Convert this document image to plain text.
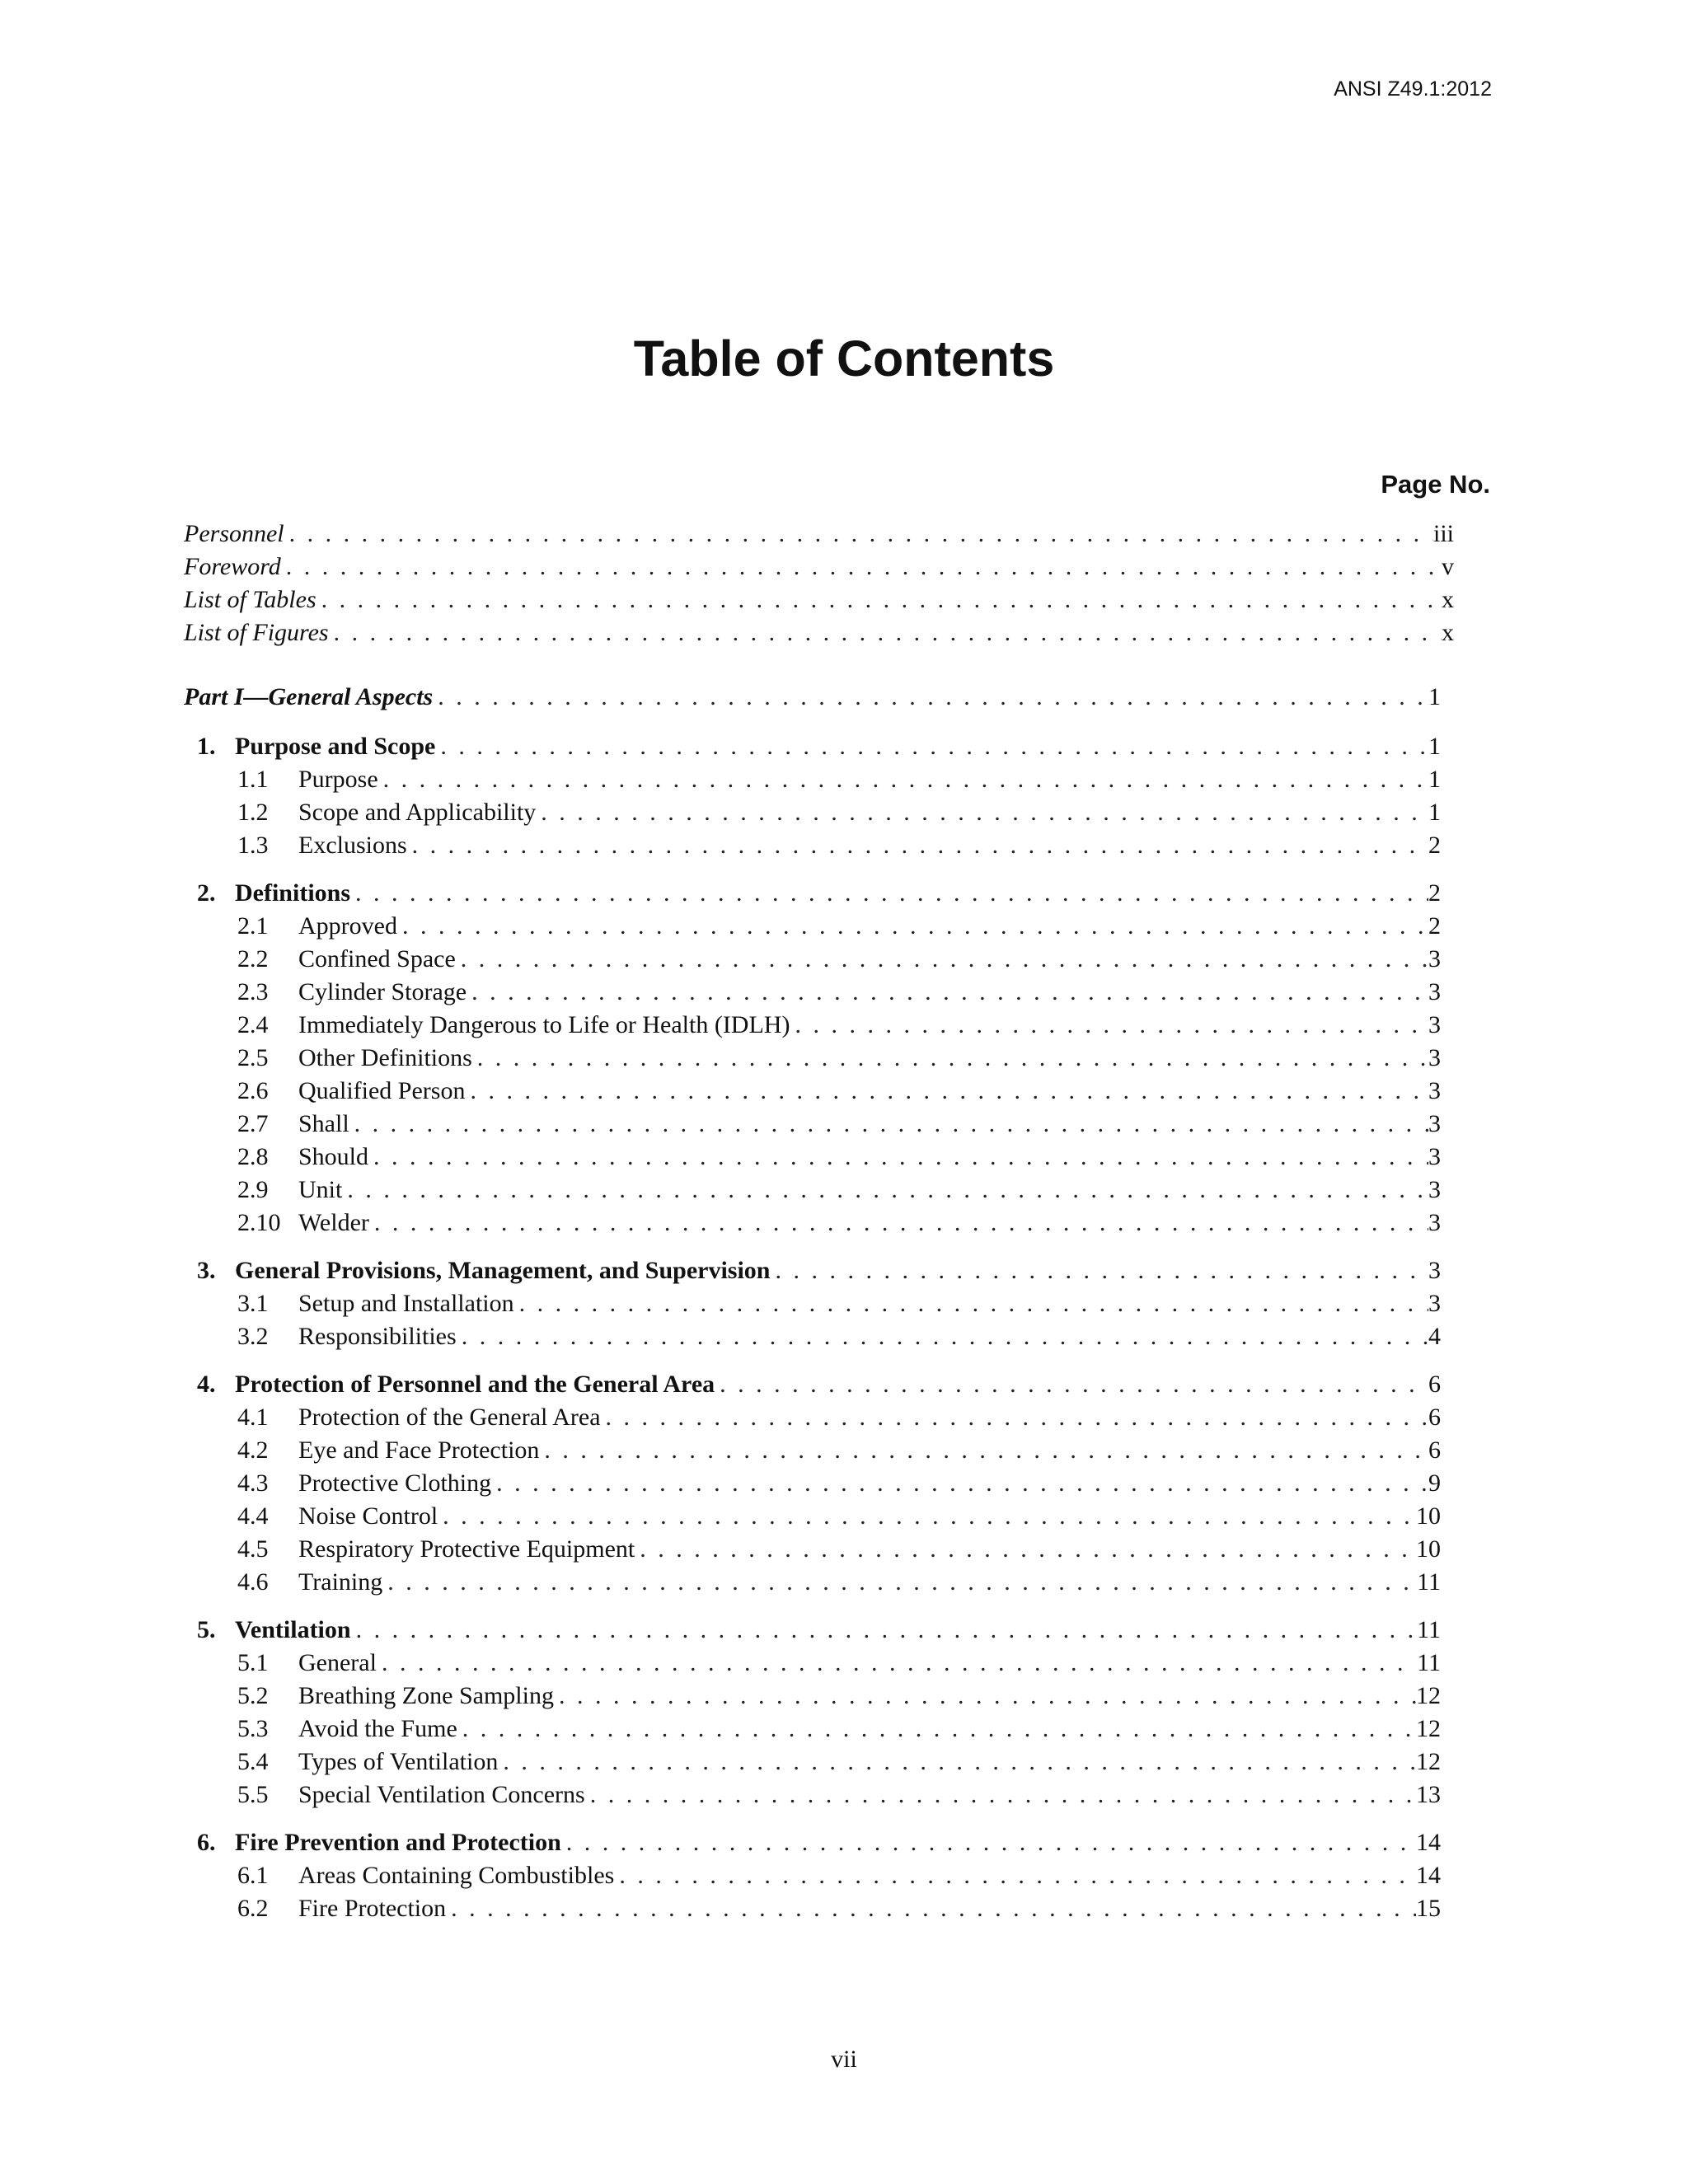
ANSI Z49.1:2012
Table of Contents
Page No.
Personnel . . .	iii
Foreword . . .	v
List of Tables . . .	x
List of Figures . . .	x
Part I—General Aspects . . .	1
1. Purpose and Scope . . .	1
1.1	Purpose . . .	1
1.2	Scope and Applicability . . .	1
1.3	Exclusions . . .	2
2. Definitions . . .	2
2.1	Approved . . .	2
2.2	Confined Space . . .	3
2.3	Cylinder Storage . . .	3
2.4	Immediately Dangerous to Life or Health (IDLH) . . .	3
2.5	Other Definitions . . .	3
2.6	Qualified Person . . .	3
2.7	Shall . . .	3
2.8	Should . . .	3
2.9	Unit . . .	3
2.10 Welder . . .	3
3. General Provisions, Management, and Supervision . . .	3
3.1	Setup and Installation . . .	3
3.2	Responsibilities . . .	4
4. Protection of Personnel and the General Area . . .	6
4.1	Protection of the General Area . . .	6
4.2	Eye and Face Protection . . .	6
4.3	Protective Clothing . . .	9
4.4	Noise Control . . .	10
4.5	Respiratory Protective Equipment . . .	10
4.6	Training . . .	11
5. Ventilation . . .	11
5.1	General . . .	11
5.2	Breathing Zone Sampling . . .	12
5.3	Avoid the Fume . . .	12
5.4	Types of Ventilation . . .	12
5.5	Special Ventilation Concerns . . .	13
6. Fire Prevention and Protection . . .	14
6.1	Areas Containing Combustibles . . .	14
6.2	Fire Protection . . .	15
vii
